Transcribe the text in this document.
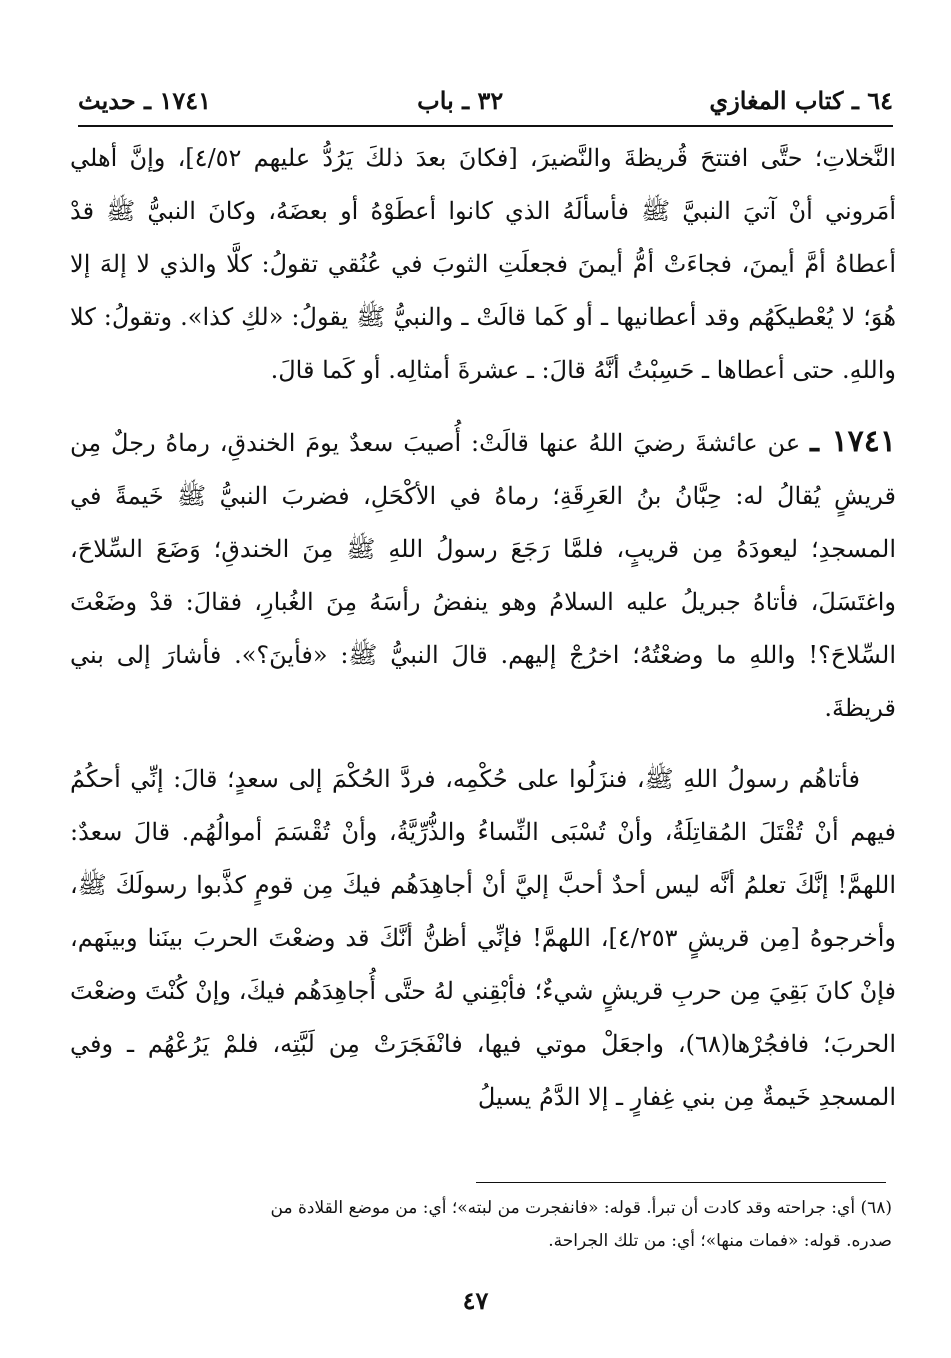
٦٤ ـ كتاب المغازي
٣٢ ـ باب
١٧٤١ ـ حديث

النَّخلاتِ؛ حتَّى افتتحَ قُريظةَ والنَّضيرَ، [فكانَ بعدَ ذلكَ يَرُدُّ عليهم ٤/٥٢]، وإنَّ أهلي أمَروني أنْ آتيَ النبيَّ ﷺ فأسألَهُ الذي كانوا أعطَوْهُ أو بعضَهُ، وكانَ النبيُّ ﷺ قدْ أعطاهُ أمَّ أيمنَ، فجاءَتْ أمُّ أيمنَ فجعلَتِ الثوبَ في عُنُقي تقولُ: كلَّا والذي لا إلهَ إلا هُوَ؛ لا يُعْطيكَهُم وقد أعطانيها ـ أو كَما قالَتْ ـ والنبيُّ ﷺ يقولُ: «لكِ كذا». وتقولُ: كلا واللهِ. حتى أعطاها ـ حَسِبْتُ أنَّهُ قالَ: ـ عشرةَ أمثالِه. أو كَما قالَ.

١٧٤١ ـ عن عائشةَ رضيَ اللهُ عنها قالَتْ: أُصيبَ سعدٌ يومَ الخندقِ، رماهُ رجلٌ مِن قريشٍ يُقالُ له: حِبَّانُ بنُ العَرِقَةِ؛ رماهُ في الأكْحَلِ، فضربَ النبيُّ ﷺ خَيمةً في المسجدِ؛ ليعودَهُ مِن قريبٍ، فلمَّا رَجَعَ رسولُ اللهِ ﷺ مِنَ الخندقِ؛ وَضَعَ السِّلاحَ، واغتَسَلَ، فأتاهُ جبريلُ عليه السلامُ وهو ينفضُ رأسَهُ مِنَ الغُبارِ، فقالَ: قدْ وضَعْتَ السِّلاحَ؟! واللهِ ما وضعْتُهُ؛ اخرُجْ إليهم. قالَ النبيُّ ﷺ: «فأينَ؟». فأشارَ إلى بني قريظةَ.

فأتاهُم رسولُ اللهِ ﷺ، فنزَلُوا على حُكْمِه، فردَّ الحُكْمَ إلى سعدٍ؛ قالَ: إنِّي أحكُمُ فيهم أنْ تُقْتَلَ المُقاتِلَةُ، وأنْ تُسْبَى النِّساءُ والذُّرِّيَّةُ، وأنْ تُقْسَمَ أموالُهُم. قالَ سعدٌ: اللهمَّ! إنَّكَ تعلمُ أنَّه ليس أحدٌ أحبَّ إليَّ أنْ أجاهِدَهُم فيكَ مِن قومٍ كذَّبوا رسولَكَ ﷺ، وأخرجوهُ [مِن قريشٍ ٤/٢٥٣]، اللهمَّ! فإنِّي أظنُّ أنَّكَ قد وضعْتَ الحربَ بينَنا وبينَهم، فإنْ كانَ بَقِيَ مِن حربِ قريشٍ شيءٌ؛ فأبْقِني لهُ حتَّى أُجاهِدَهُم فيكَ، وإنْ كُنْتَ وضعْتَ الحربَ؛ فافجُرْها(٦٨)، واجعَلْ موتي فيها، فانْفَجَرَتْ مِن لَبَّتِه، فلمْ يَرُعْهُم ـ وفي المسجدِ خَيمةٌ مِن بني غِفارٍ ـ إلا الدَّمُ يسيلُ

(٦٨) أي: جراحته وقد كادت أن تبرأ. قوله: «فانفجرت من لبته»؛ أي: من موضع القلادة من

صدره. قوله: «فمات منها»؛ أي: من تلك الجراحة.

٤٧
